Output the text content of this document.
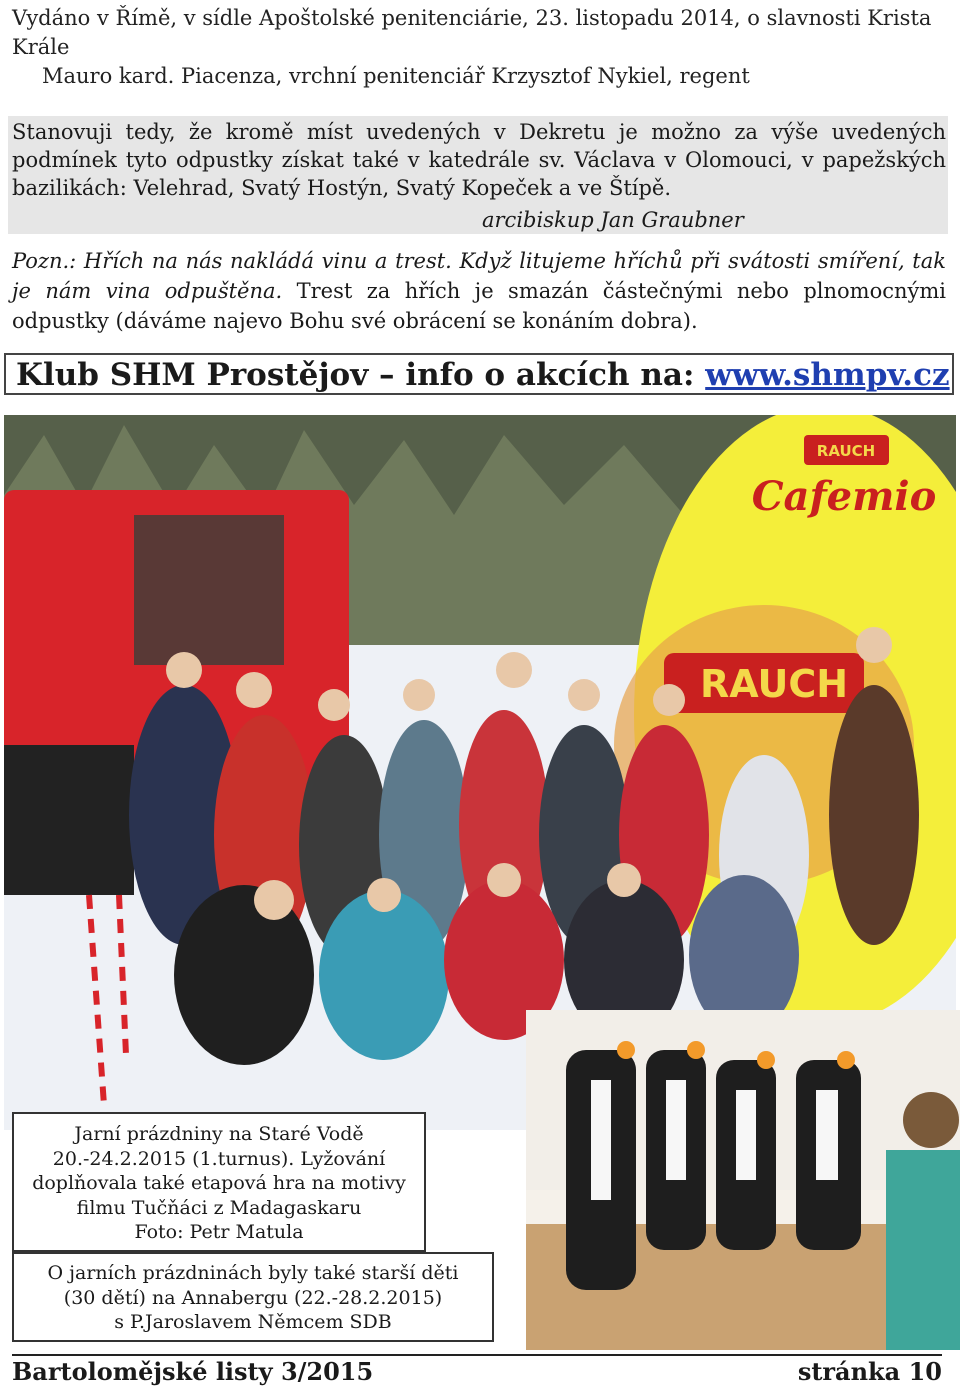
Vydáno v Římě, v sídle Apoštolské penitenciárie, 23. listopadu 2014, o slavnosti Krista Krále
Mauro kard. Piacenza, vrchní penitenciář Krzysztof Nykiel, regent
Stanovuji tedy, že kromě míst uvedených v Dekretu je možno za výše uvedených podmínek tyto odpustky získat také v katedrále sv. Václava v Olomouci, v papežských bazilikách: Velehrad, Svatý Hostýn, Svatý Kopeček a ve Štípě.
arcibiskup Jan Graubner
Pozn.: Hřích na nás nakládá vinu a trest. Když litujeme hříchů při svátosti smíření, tak je nám vina odpuštěna. Trest za hřích je smazán částečnými nebo plnomocnými odpustky (dáváme najevo Bohu své obrácení se konáním dobra).
Klub SHM Prostějov – info o akcích na: www.shmpv.cz
RAUCH
Cafemio
RAUCH
Jarní prázdniny na Staré Vodě
20.-24.2.2015 (1.turnus). Lyžování
doplňovala také etapová hra na motivy
filmu Tučňáci z Madagaskaru
Foto: Petr Matula
O jarních prázdninách byly také starší děti
(30 dětí) na Annabergu (22.-28.2.2015)
s P.Jaroslavem Němcem SDB
Bartolomějské listy 3/2015	stránka 10
